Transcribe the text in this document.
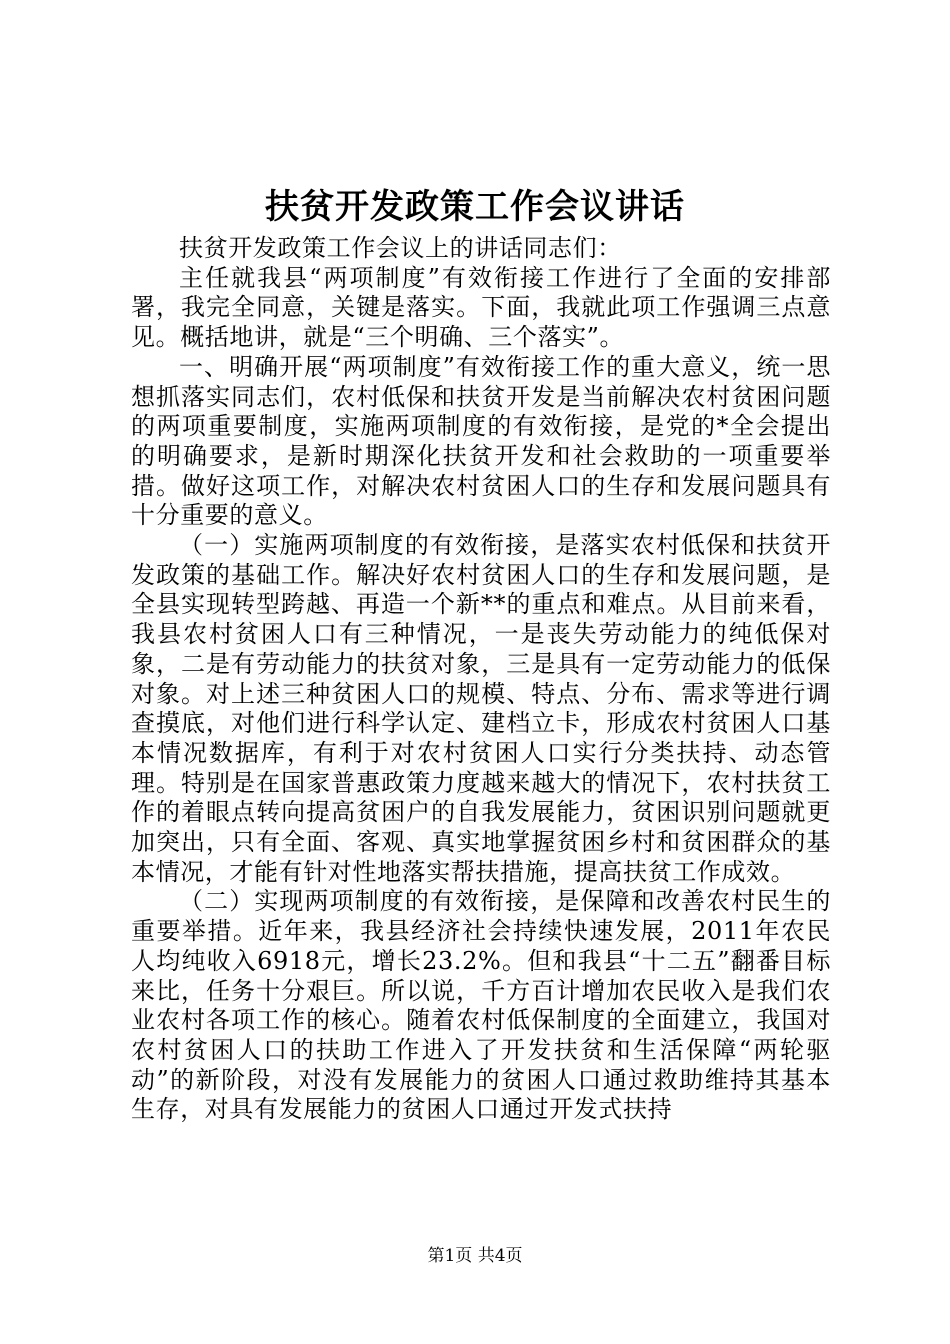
扶贫开发政策工作会议讲话

扶贫开发政策工作会议上的讲话同志们：

主任就我县“两项制度”有效衔接工作进行了全面的安排部署，我完全同意，关键是落实。下面，我就此项工作强调三点意见。概括地讲，就是“三个明确、三个落实”。

一、明确开展“两项制度”有效衔接工作的重大意义，统一思想抓落实同志们，农村低保和扶贫开发是当前解决农村贫困问题的两项重要制度，实施两项制度的有效衔接，是党的*全会提出的明确要求，是新时期深化扶贫开发和社会救助的一项重要举措。做好这项工作，对解决农村贫困人口的生存和发展问题具有十分重要的意义。

（一）实施两项制度的有效衔接，是落实农村低保和扶贫开发政策的基础工作。解决好农村贫困人口的生存和发展问题，是全县实现转型跨越、再造一个新**的重点和难点。从目前来看，我县农村贫困人口有三种情况，一是丧失劳动能力的纯低保对象，二是有劳动能力的扶贫对象，三是具有一定劳动能力的低保对象。对上述三种贫困人口的规模、特点、分布、需求等进行调查摸底，对他们进行科学认定、建档立卡，形成农村贫困人口基本情况数据库，有利于对农村贫困人口实行分类扶持、动态管理。特别是在国家普惠政策力度越来越大的情况下，农村扶贫工作的着眼点转向提高贫困户的自我发展能力，贫困识别问题就更加突出，只有全面、客观、真实地掌握贫困乡村和贫困群众的基本情况，才能有针对性地落实帮扶措施，提高扶贫工作成效。

（二）实现两项制度的有效衔接，是保障和改善农村民生的重要举措。近年来，我县经济社会持续快速发展，2011年农民人均纯收入6918元，增长23.2%。但和我县“十二五”翻番目标来比，任务十分艰巨。所以说，千方百计增加农民收入是我们农业农村各项工作的核心。随着农村低保制度的全面建立，我国对农村贫困人口的扶助工作进入了开发扶贫和生活保障“两轮驱动”的新阶段，对没有发展能力的贫困人口通过救助维持其基本生存，对具有发展能力的贫困人口通过开发式扶持

第1页 共4页
